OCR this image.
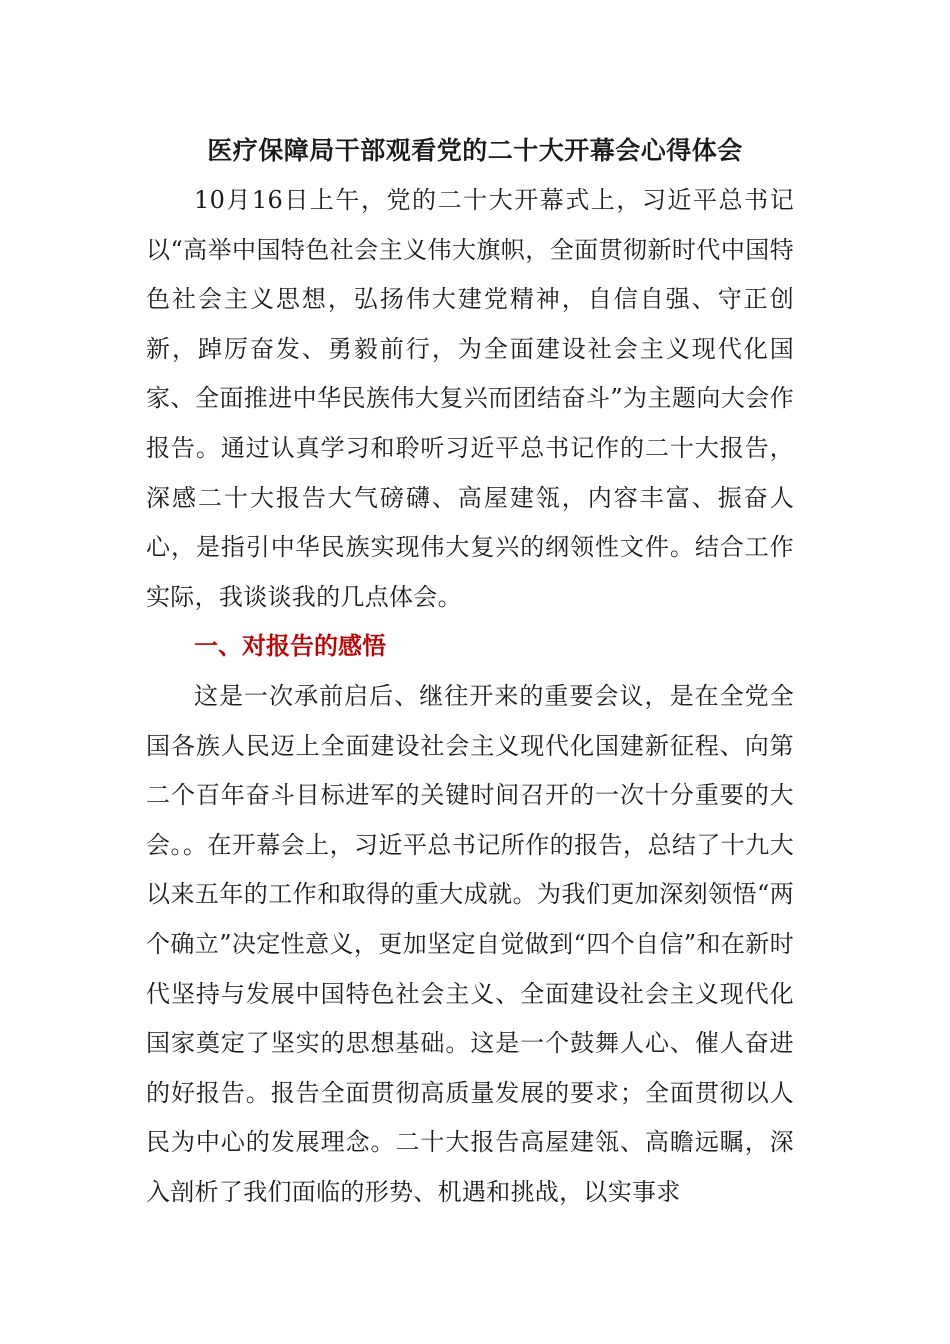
医疗保障局干部观看党的二十大开幕会心得体会

10月16日上午，党的二十大开幕式上，习近平总书记以“高举中国特色社会主义伟大旗帜，全面贯彻新时代中国特色社会主义思想，弘扬伟大建党精神，自信自强、守正创新，踔厉奋发、勇毅前行，为全面建设社会主义现代化国家、全面推进中华民族伟大复兴而团结奋斗”为主题向大会作报告。通过认真学习和聆听习近平总书记作的二十大报告，深感二十大报告大气磅礴、高屋建瓴，内容丰富、振奋人心，是指引中华民族实现伟大复兴的纲领性文件。结合工作实际，我谈谈我的几点体会。

一、对报告的感悟

这是一次承前启后、继往开来的重要会议，是在全党全国各族人民迈上全面建设社会主义现代化国建新征程、向第二个百年奋斗目标进军的关键时间召开的一次十分重要的大会。。在开幕会上，习近平总书记所作的报告，总结了十九大以来五年的工作和取得的重大成就。为我们更加深刻领悟“两个确立”决定性意义，更加坚定自觉做到“四个自信”和在新时代坚持与发展中国特色社会主义、全面建设社会主义现代化国家奠定了坚实的思想基础。这是一个鼓舞人心、催人奋进的好报告。报告全面贯彻高质量发展的要求；全面贯彻以人民为中心的发展理念。二十大报告高屋建瓴、高瞻远瞩，深入剖析了我们面临的形势、机遇和挑战，以实事求
